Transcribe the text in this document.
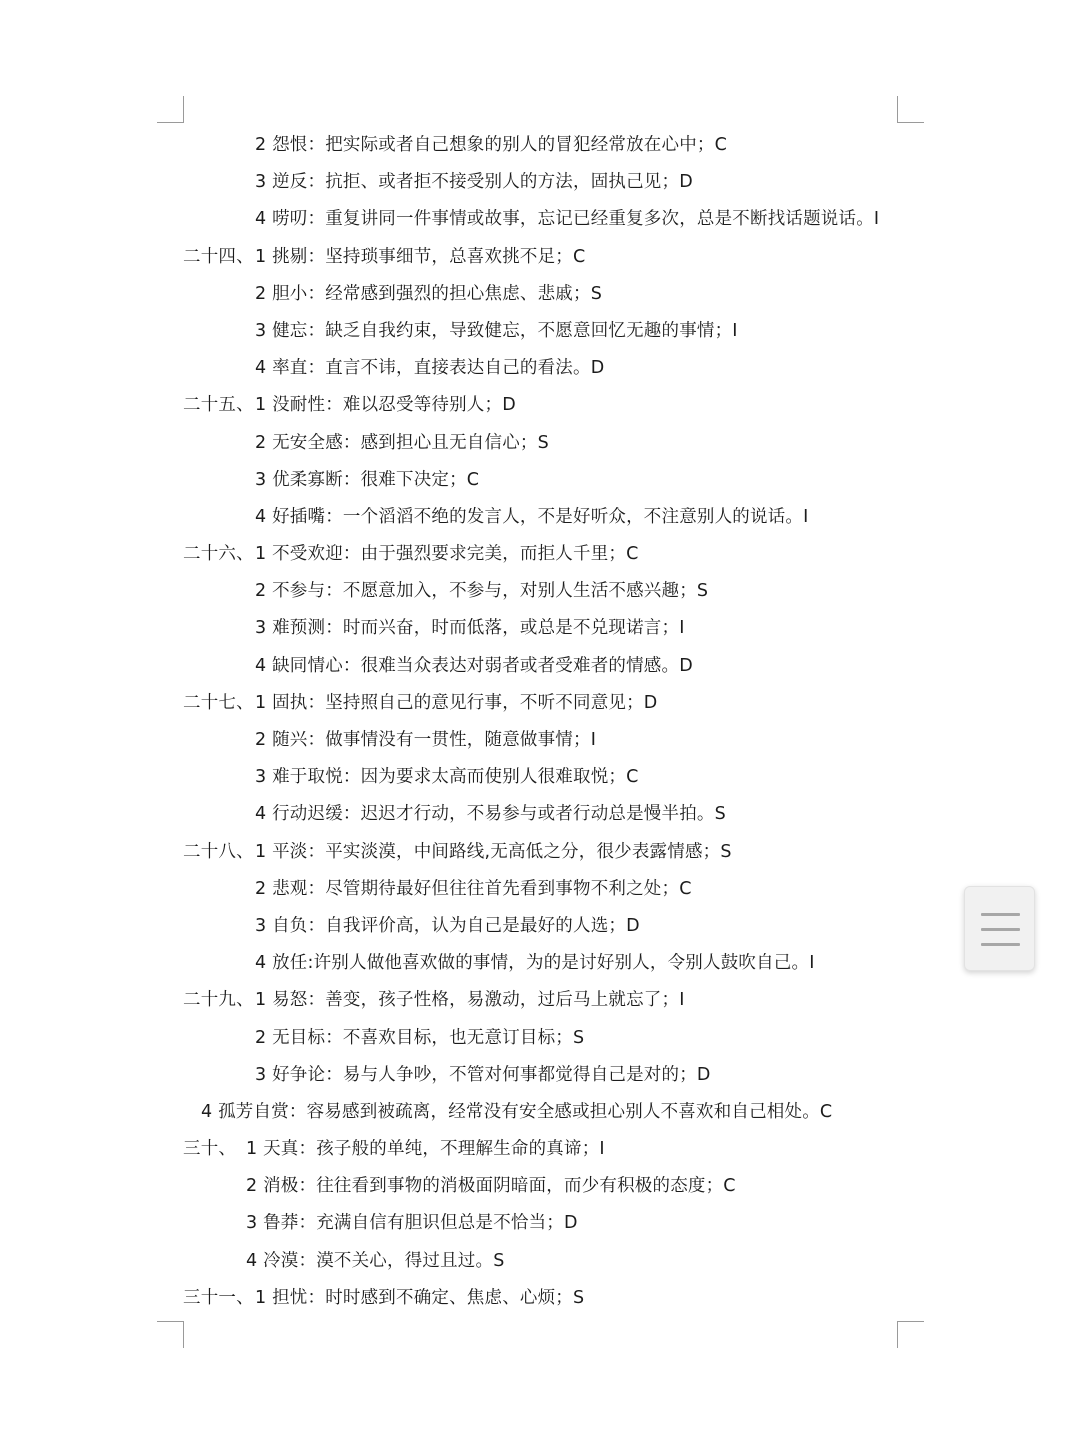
2 怨恨：把实际或者自己想象的别人的冒犯经常放在心中；C
3 逆反：抗拒、或者拒不接受别人的方法，固执己见；D
4 唠叨：重复讲同一件事情或故事，忘记已经重复多次，总是不断找话题说话。I
二十四、 1 挑剔：坚持琐事细节，总喜欢挑不足；C
2 胆小：经常感到强烈的担心焦虑、悲戚；S
3 健忘：缺乏自我约束，导致健忘，不愿意回忆无趣的事情；I
4 率直：直言不讳，直接表达自己的看法。D
二十五、 1 没耐性：难以忍受等待别人；D
2 无安全感：感到担心且无自信心；S
3 优柔寡断：很难下决定；C
4 好插嘴：一个滔滔不绝的发言人，不是好听众，不注意别人的说话。I
二十六、 1 不受欢迎：由于强烈要求完美，而拒人千里；C
2 不参与：不愿意加入，不参与，对别人生活不感兴趣；S
3 难预测：时而兴奋，时而低落，或总是不兑现诺言；I
4 缺同情心：很难当众表达对弱者或者受难者的情感。D
二十七、 1 固执：坚持照自己的意见行事，不听不同意见；D
2 随兴：做事情没有一贯性，随意做事情；I
3 难于取悦：因为要求太高而使别人很难取悦；C
4 行动迟缓：迟迟才行动，不易参与或者行动总是慢半拍。S
二十八、 1 平淡：平实淡漠，中间路线,无高低之分，很少表露情感；S
2 悲观：尽管期待最好但往往首先看到事物不利之处；C
3 自负：自我评价高，认为自己是最好的人选；D
4 放任:许别人做他喜欢做的事情，为的是讨好别人，令别人鼓吹自己。I
二十九、 1 易怒：善变，孩子性格，易激动，过后马上就忘了；I
2 无目标：不喜欢目标，也无意订目标；S
3 好争论：易与人争吵，不管对何事都觉得自己是对的；D
4 孤芳自赏：容易感到被疏离，经常没有安全感或担心别人不喜欢和自己相处。C
三十、 1 天真：孩子般的单纯，不理解生命的真谛；I
2 消极：往往看到事物的消极面阴暗面，而少有积极的态度；C
3 鲁莽：充满自信有胆识但总是不恰当；D
4 冷漠：漠不关心，得过且过。S
三十一、 1 担忧：时时感到不确定、焦虑、心烦；S
